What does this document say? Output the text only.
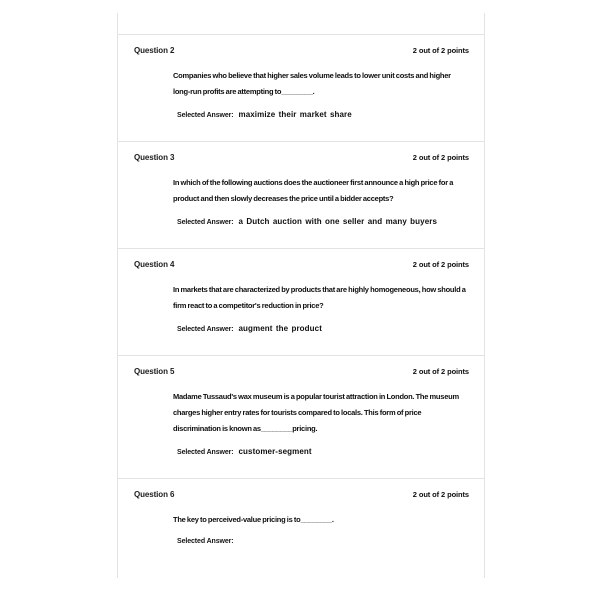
Question 2	2 out of 2 points

Companies who believe that higher sales volume leads to lower unit costs and higher long-run profits are attempting to________.

Selected Answer: maximize their market share
Question 3	2 out of 2 points

In which of the following auctions does the auctioneer first announce a high price for a product and then slowly decreases the price until a bidder accepts?

Selected Answer: a Dutch auction with one seller and many buyers
Question 4	2 out of 2 points

In markets that are characterized by products that are highly homogeneous, how should a firm react to a competitor's reduction in price?

Selected Answer: augment the product
Question 5	2 out of 2 points

Madame Tussaud's wax museum is a popular tourist attraction in London. The museum charges higher entry rates for tourists compared to locals. This form of price discrimination is known as________pricing.

Selected Answer: customer-segment
Question 6	2 out of 2 points

The key to perceived-value pricing is to________.

Selected Answer:
